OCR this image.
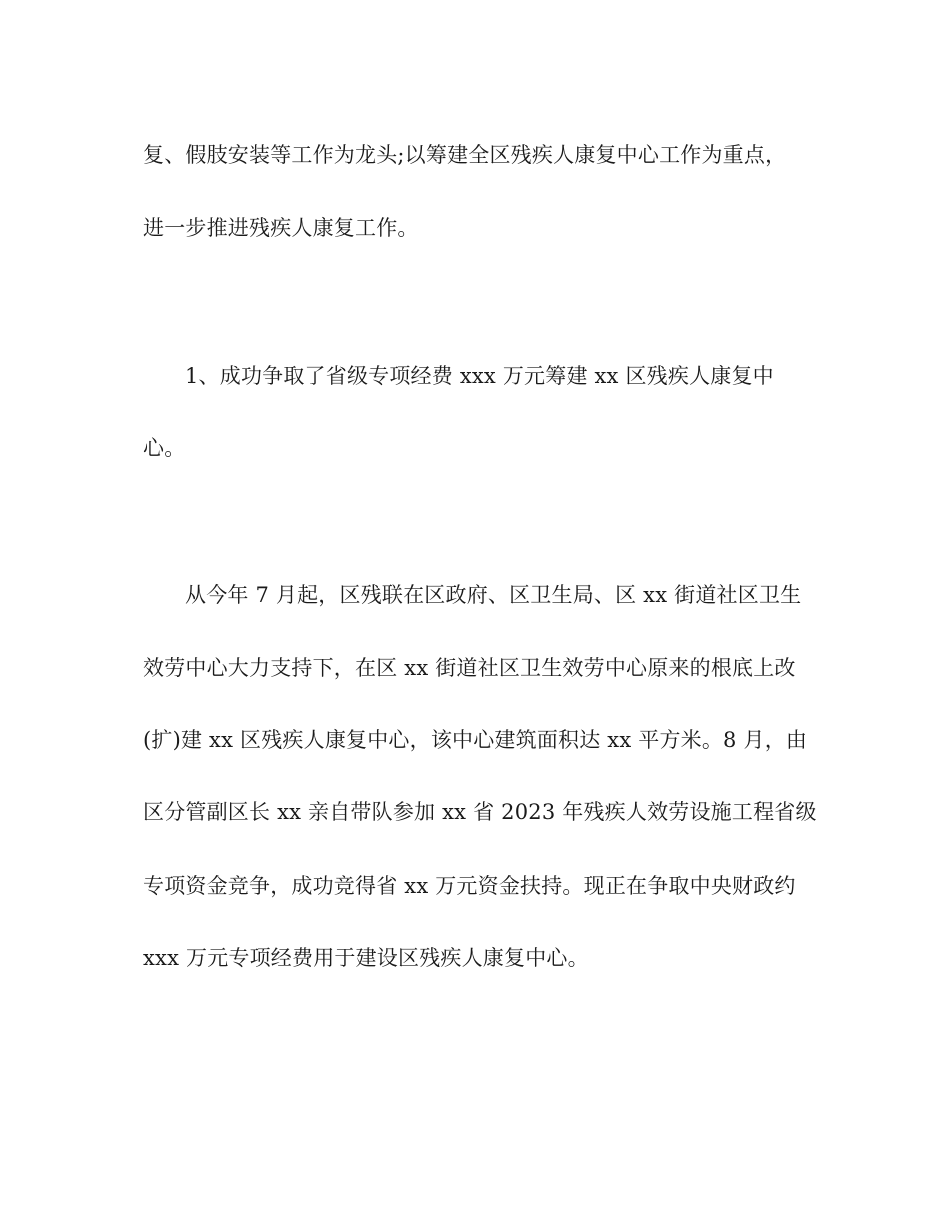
复、假肢安装等工作为龙头;以筹建全区残疾人康复中心工作为重点，
进一步推进残疾人康复工作。
1、成功争取了省级专项经费 xxx 万元筹建 xx 区残疾人康复中
心。
从今年 7 月起，区残联在区政府、区卫生局、区 xx 街道社区卫生
效劳中心大力支持下，在区 xx 街道社区卫生效劳中心原来的根底上改
(扩)建 xx 区残疾人康复中心，该中心建筑面积达 xx 平方米。8 月，由
区分管副区长 xx 亲自带队参加 xx 省 2023 年残疾人效劳设施工程省级
专项资金竞争，成功竞得省 xx 万元资金扶持。现正在争取中央财政约
xxx 万元专项经费用于建设区残疾人康复中心。
